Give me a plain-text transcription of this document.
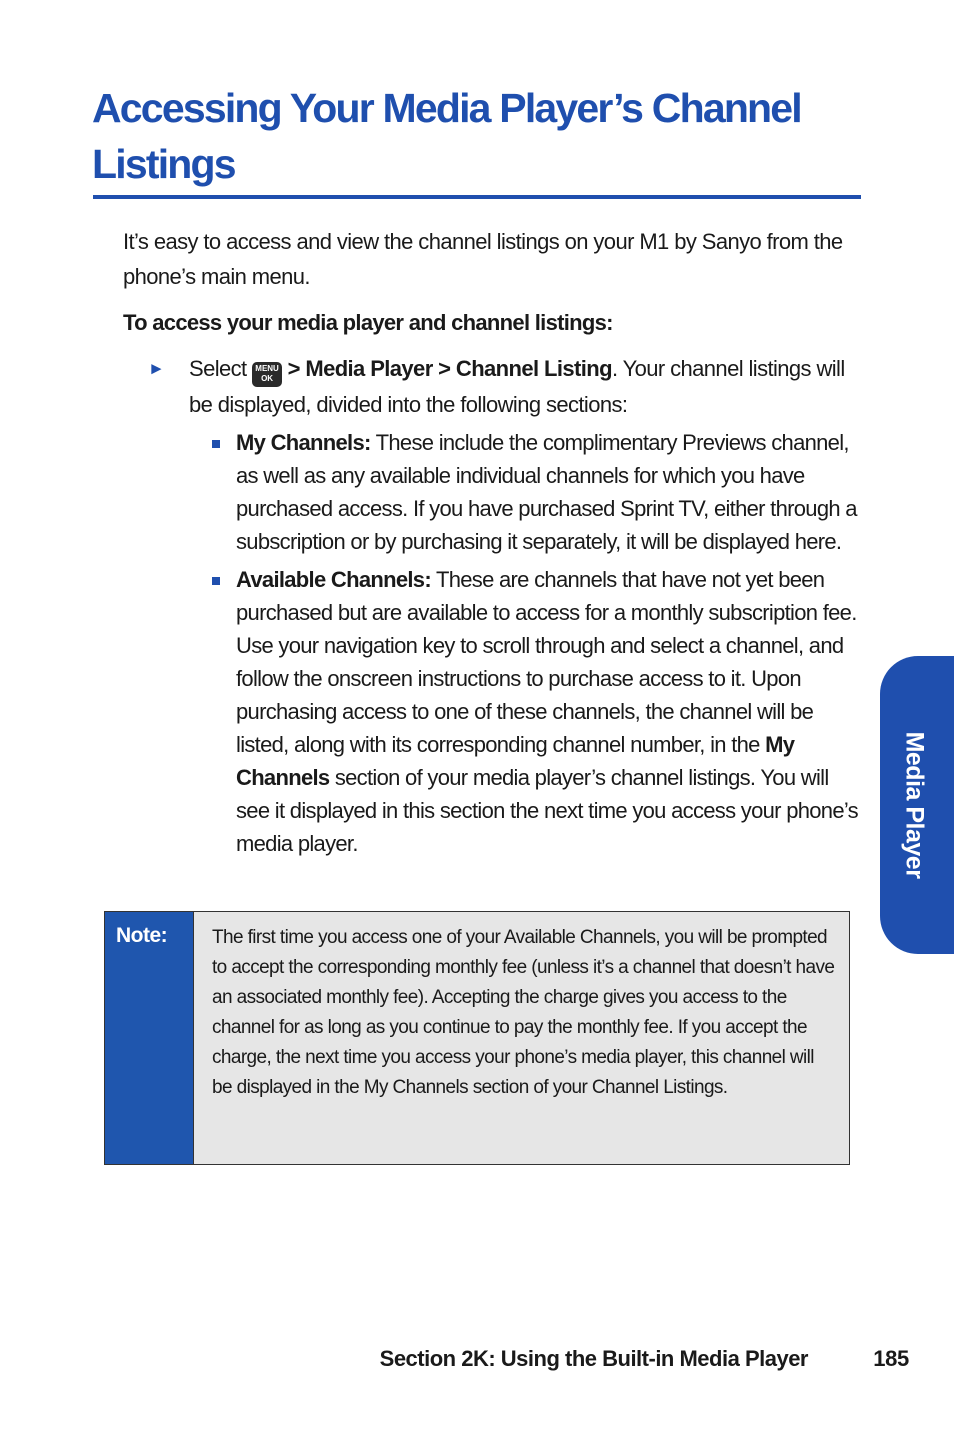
Accessing Your Media Player’s Channel Listings

It’s easy to access and view the channel listings on your M1 by Sanyo from the phone’s main menu.

To access your media player and channel listings:

► Select MENU
OK > Media Player > Channel Listing. Your channel listings will be displayed, divided into the following sections:
My Channels: These include the complimentary Previews channel, as well as any available individual channels for which you have purchased access. If you have purchased Sprint TV, either through a subscription or by purchasing it separately, it will be displayed here.
Available Channels: These are channels that have not yet been purchased but are available to access for a monthly subscription fee. Use your navigation key to scroll through and select a channel, and follow the onscreen instructions to purchase access to it. Upon purchasing access to one of these channels, the channel will be listed, along with its corresponding channel number, in the My Channels section of your media player’s channel listings. You will see it displayed in this section the next time you access your phone’s media player.	Media Player
Note:	The first time you access one of your Available Channels, you will be prompted to accept the corresponding monthly fee (unless it’s a channel that doesn’t have an associated monthly fee). Accepting the charge gives you access to the channel for as long as you continue to pay the monthly fee. If you accept the charge, the next time you access your phone’s media player, this channel will be displayed in the My Channels section of your Channel Listings.
Section 2K: Using the Built-in Media Player	185
